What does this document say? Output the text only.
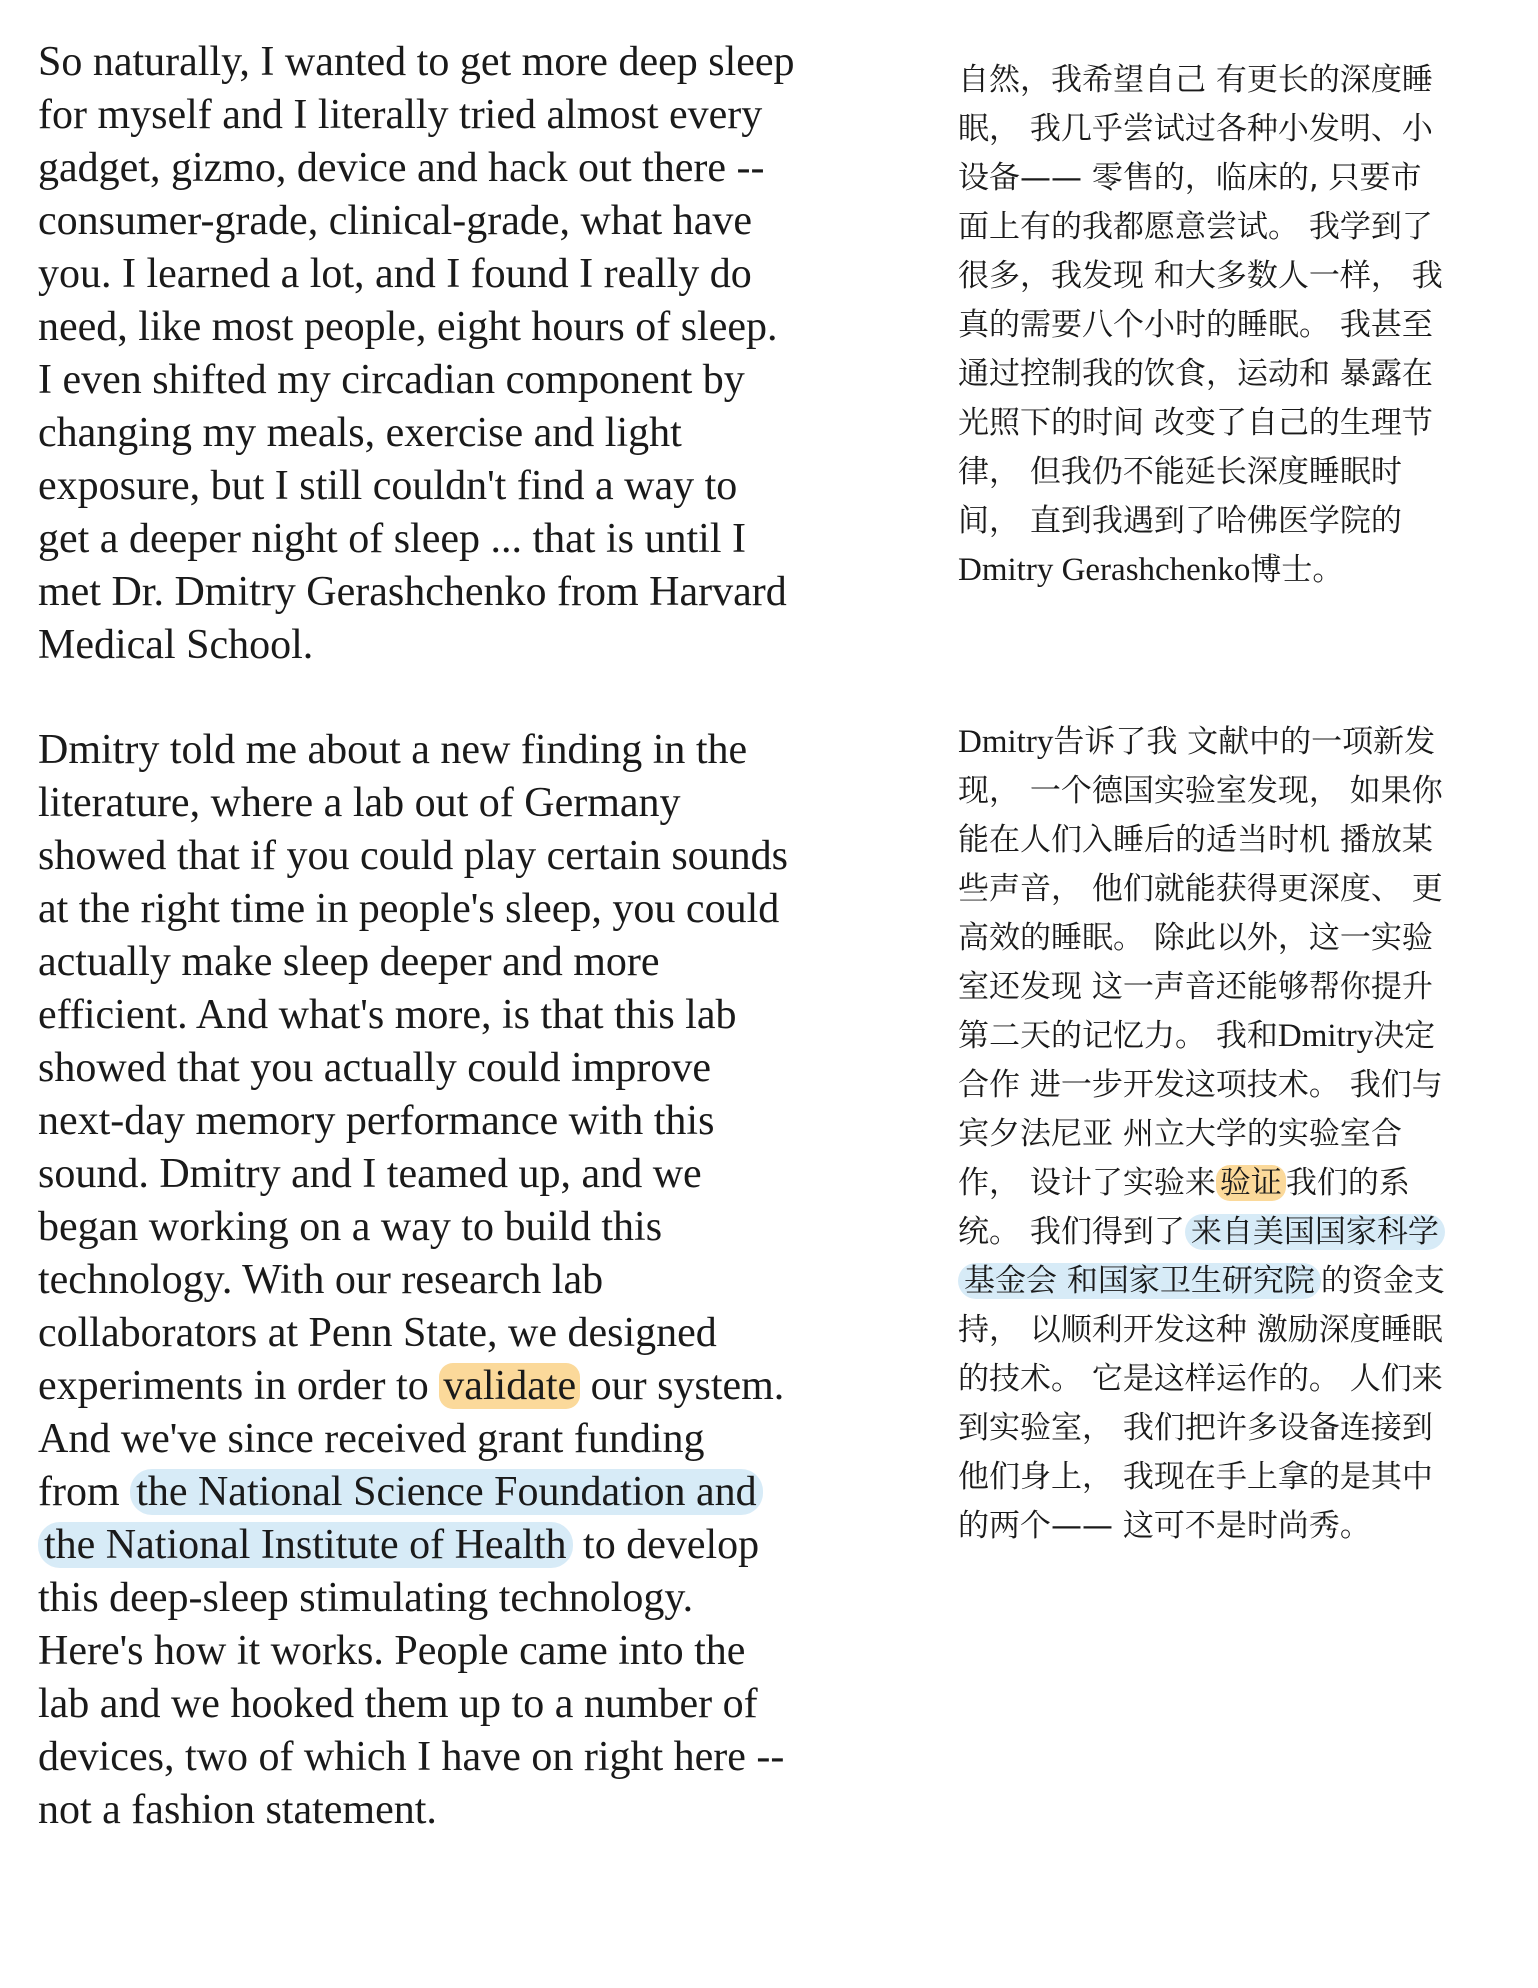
So naturally, I wanted to get more deep sleep
for myself and I literally tried almost every
gadget, gizmo, device and hack out there --
consumer-grade, clinical-grade, what have
you. I learned a lot, and I found I really do
need, like most people, eight hours of sleep.
I even shifted my circadian component by
changing my meals, exercise and light
exposure, but I still couldn't find a way to
get a deeper night of sleep ... that is until I
met Dr. Dmitry Gerashchenko from Harvard
Medical School.
Dmitry told me about a new finding in the
literature, where a lab out of Germany
showed that if you could play certain sounds
at the right time in people's sleep, you could
actually make sleep deeper and more
efficient. And what's more, is that this lab
showed that you actually could improve
next-day memory performance with this
sound. Dmitry and I teamed up, and we
began working on a way to build this
technology. With our research lab
collaborators at Penn State, we designed
experiments in order to validate our system.
And we've since received grant funding
from the National Science Foundation and
the National Institute of Health to develop
this deep-sleep stimulating technology.
Here's how it works. People came into the
lab and we hooked them up to a number of
devices, two of which I have on right here --
not a fashion statement.
自然，我希望自己 有更长的深度睡
眠， 我几乎尝试过各种小发明、小
设备—— 零售的，临床的, 只要市
面上有的我都愿意尝试。 我学到了
很多，我发现 和大多数人一样， 我
真的需要八个小时的睡眠。 我甚至
通过控制我的饮食，运动和 暴露在
光照下的时间 改变了自己的生理节
律， 但我仍不能延长深度睡眠时
间， 直到我遇到了哈佛医学院的
Dmitry Gerashchenko博士。
Dmitry告诉了我 文献中的一项新发
现， 一个德国实验室发现， 如果你
能在人们入睡后的适当时机 播放某
些声音， 他们就能获得更深度、 更
高效的睡眠。 除此以外，这一实验
室还发现 这一声音还能够帮你提升
第二天的记忆力。 我和Dmitry决定
合作 进一步开发这项技术。 我们与
宾夕法尼亚 州立大学的实验室合
作， 设计了实验来 验证 我们的系
统。 我们得到了 来自美国国家科学
基金会 和国家卫生研究院 的资金支
持， 以顺利开发这种 激励深度睡眠
的技术。 它是这样运作的。 人们来
到实验室， 我们把许多设备连接到
他们身上， 我现在手上拿的是其中
的两个—— 这可不是时尚秀。
